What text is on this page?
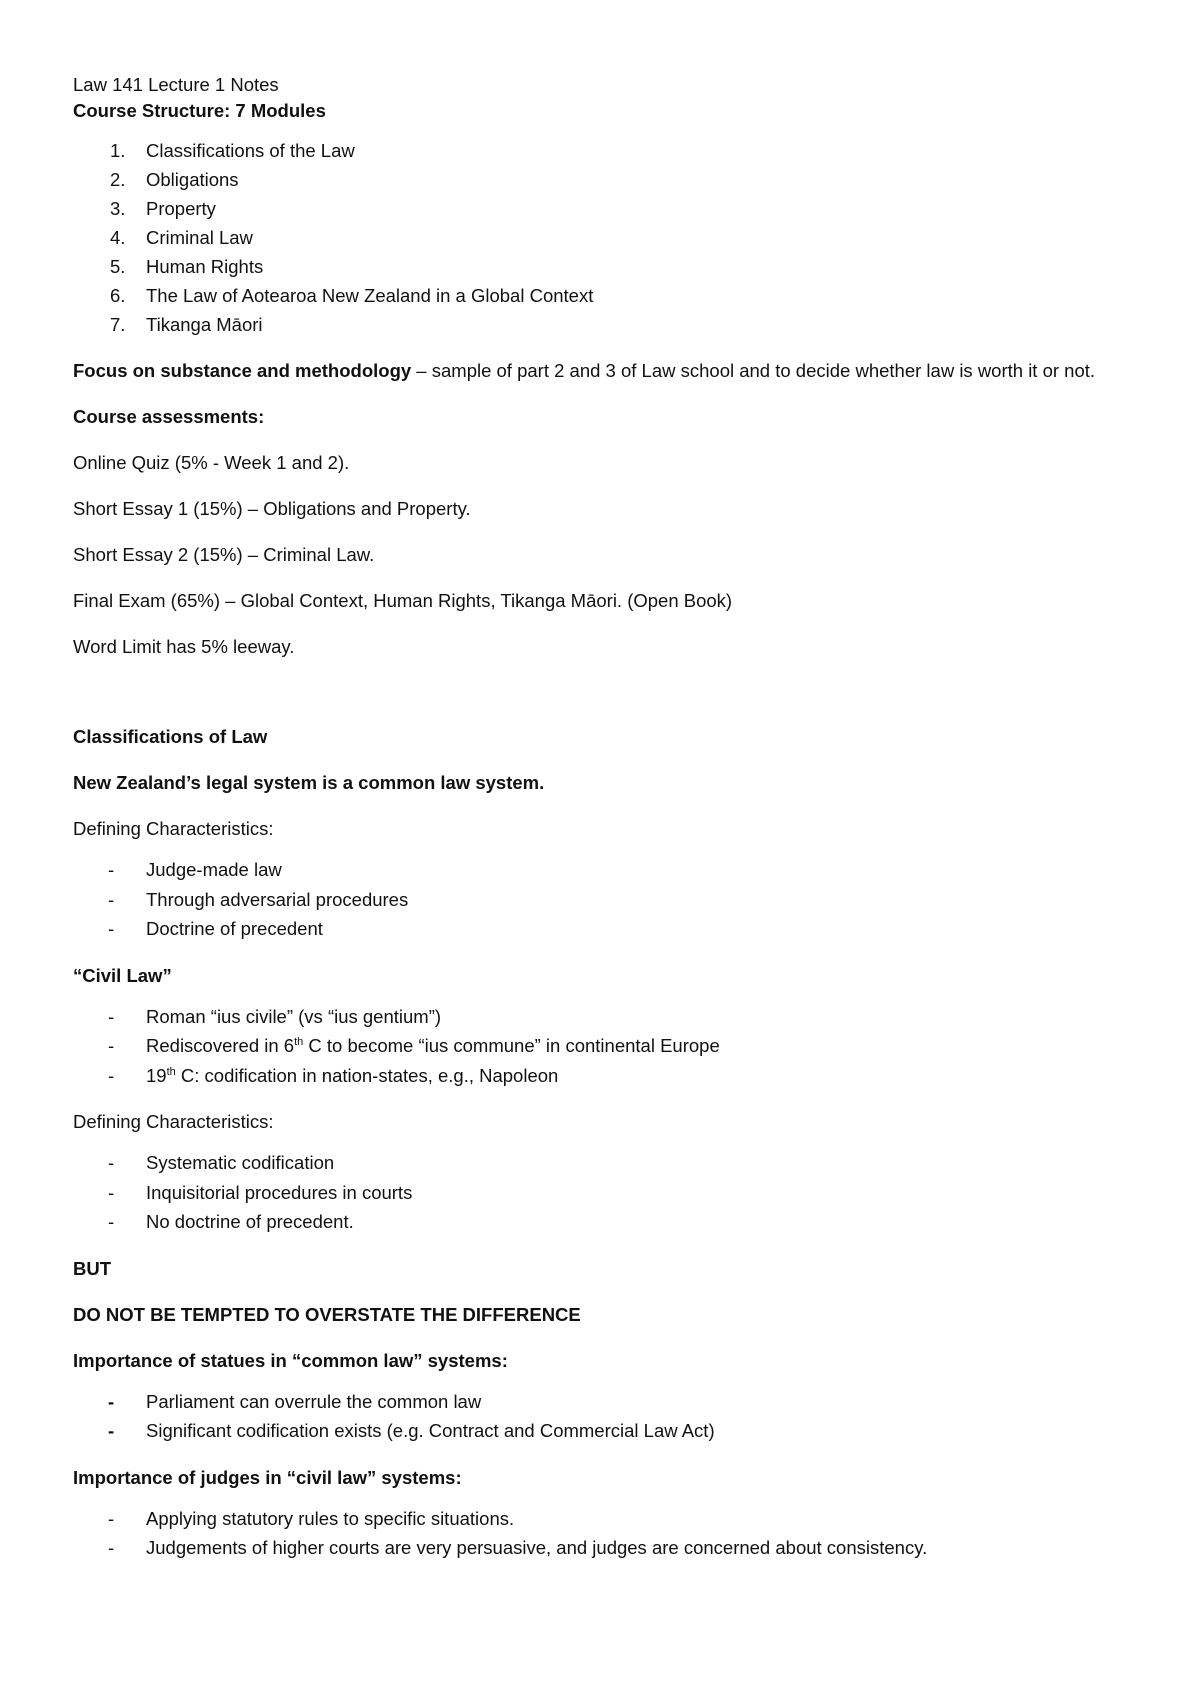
Law 141 Lecture 1 Notes

Course Structure: 7 Modules

1. Classifications of the Law
2. Obligations
3. Property
4. Criminal Law
5. Human Rights
6. The Law of Aotearoa New Zealand in a Global Context
7. Tikanga Māori

Focus on substance and methodology – sample of part 2 and 3 of Law school and to decide whether law is worth it or not.

Course assessments:

Online Quiz (5% - Week 1 and 2).

Short Essay 1 (15%) – Obligations and Property.

Short Essay 2 (15%) – Criminal Law.

Final Exam (65%) – Global Context, Human Rights, Tikanga Māori. (Open Book)

Word Limit has 5% leeway.

Classifications of Law

New Zealand’s legal system is a common law system.

Defining Characteristics:

- Judge-made law
- Through adversarial procedures
- Doctrine of precedent

“Civil Law”

- Roman “ius civile” (vs “ius gentium”)
- Rediscovered in 6th C to become “ius commune” in continental Europe
- 19th C: codification in nation-states, e.g., Napoleon

Defining Characteristics:

- Systematic codification
- Inquisitorial procedures in courts
- No doctrine of precedent.

BUT

DO NOT BE TEMPTED TO OVERSTATE THE DIFFERENCE

Importance of statues in “common law” systems:

- Parliament can overrule the common law
- Significant codification exists (e.g. Contract and Commercial Law Act)

Importance of judges in “civil law” systems:

- Applying statutory rules to specific situations.
- Judgements of higher courts are very persuasive, and judges are concerned about consistency.
